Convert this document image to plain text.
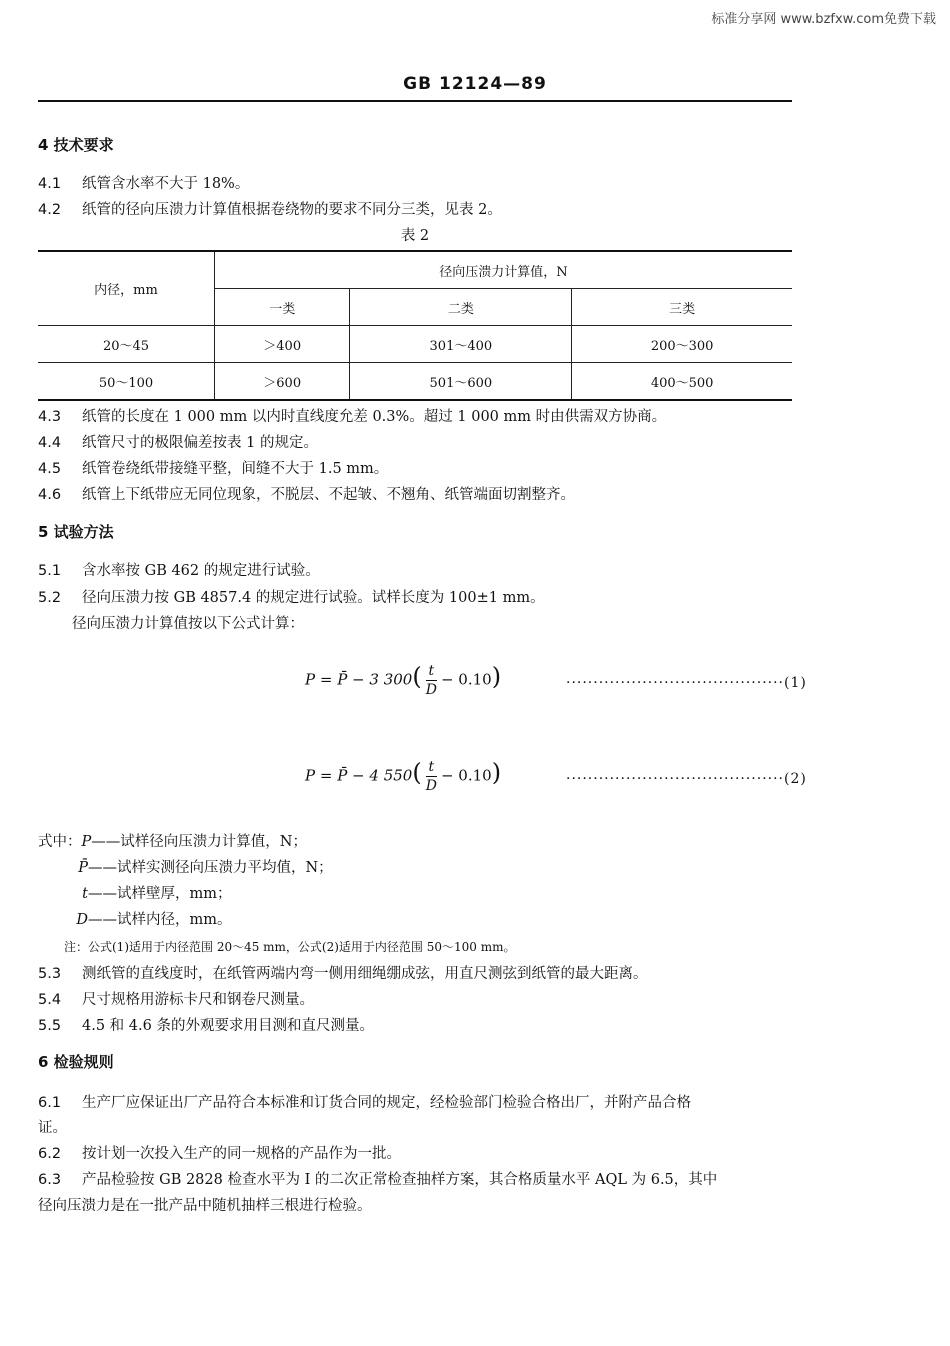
标准分享网 www.bzfxw.com免费下载
GB 12124—89
4 技术要求
4.1 纸管含水率不大于 18%。
4.2 纸管的径向压溃力计算值根据卷绕物的要求不同分三类，见表 2。
表 2
内径，mm	径向压溃力计算值，N		
	一类	二类	三类
20～45	＞400	301～400	200～300
50～100	＞600	501～600	400～500
4.3 纸管的长度在 1 000 mm 以内时直线度允差 0.3%。超过 1 000 mm 时由供需双方协商。
4.4 纸管尺寸的极限偏差按表 1 的规定。
4.5 纸管卷绕纸带接缝平整，间缝不大于 1.5 mm。
4.6 纸管上下纸带应无同位现象，不脱层、不起皱、不翘角、纸管端面切割整齐。
5 试验方法
5.1 含水率按 GB 462 的规定进行试验。
5.2 径向压溃力按 GB 4857.4 的规定进行试验。试样长度为 100±1 mm。
径向压溃力计算值按以下公式计算：
P = P̄ − 3 $300( \frac{t}{D} - 0.10)$	········································(1)
P = P̄ − 4 $550( \frac{t}{D} - 0.10)$	········································(2)
式中：P——试样径向压溃力计算值，N；
P̄——试样实测径向压溃力平均值，N；
t——试样壁厚，mm；
D——试样内径，mm。
注：公式(1)适用于内径范围 20～45 mm，公式(2)适用于内径范围 50～100 mm。
5.3 测纸管的直线度时，在纸管两端内弯一侧用细绳绷成弦，用直尺测弦到纸管的最大距离。
5.4 尺寸规格用游标卡尺和钢卷尺测量。
5.5 4.5 和 4.6 条的外观要求用目测和直尺测量。
6 检验规则
6.1 生产厂应保证出厂产品符合本标准和订货合同的规定，经检验部门检验合格出厂，并附产品合格
证。
6.2 按计划一次投入生产的同一规格的产品作为一批。
6.3 产品检验按 GB 2828 检查水平为 I 的二次正常检查抽样方案，其合格质量水平 AQL 为 6.5，其中
径向压溃力是在一批产品中随机抽样三根进行检验。
